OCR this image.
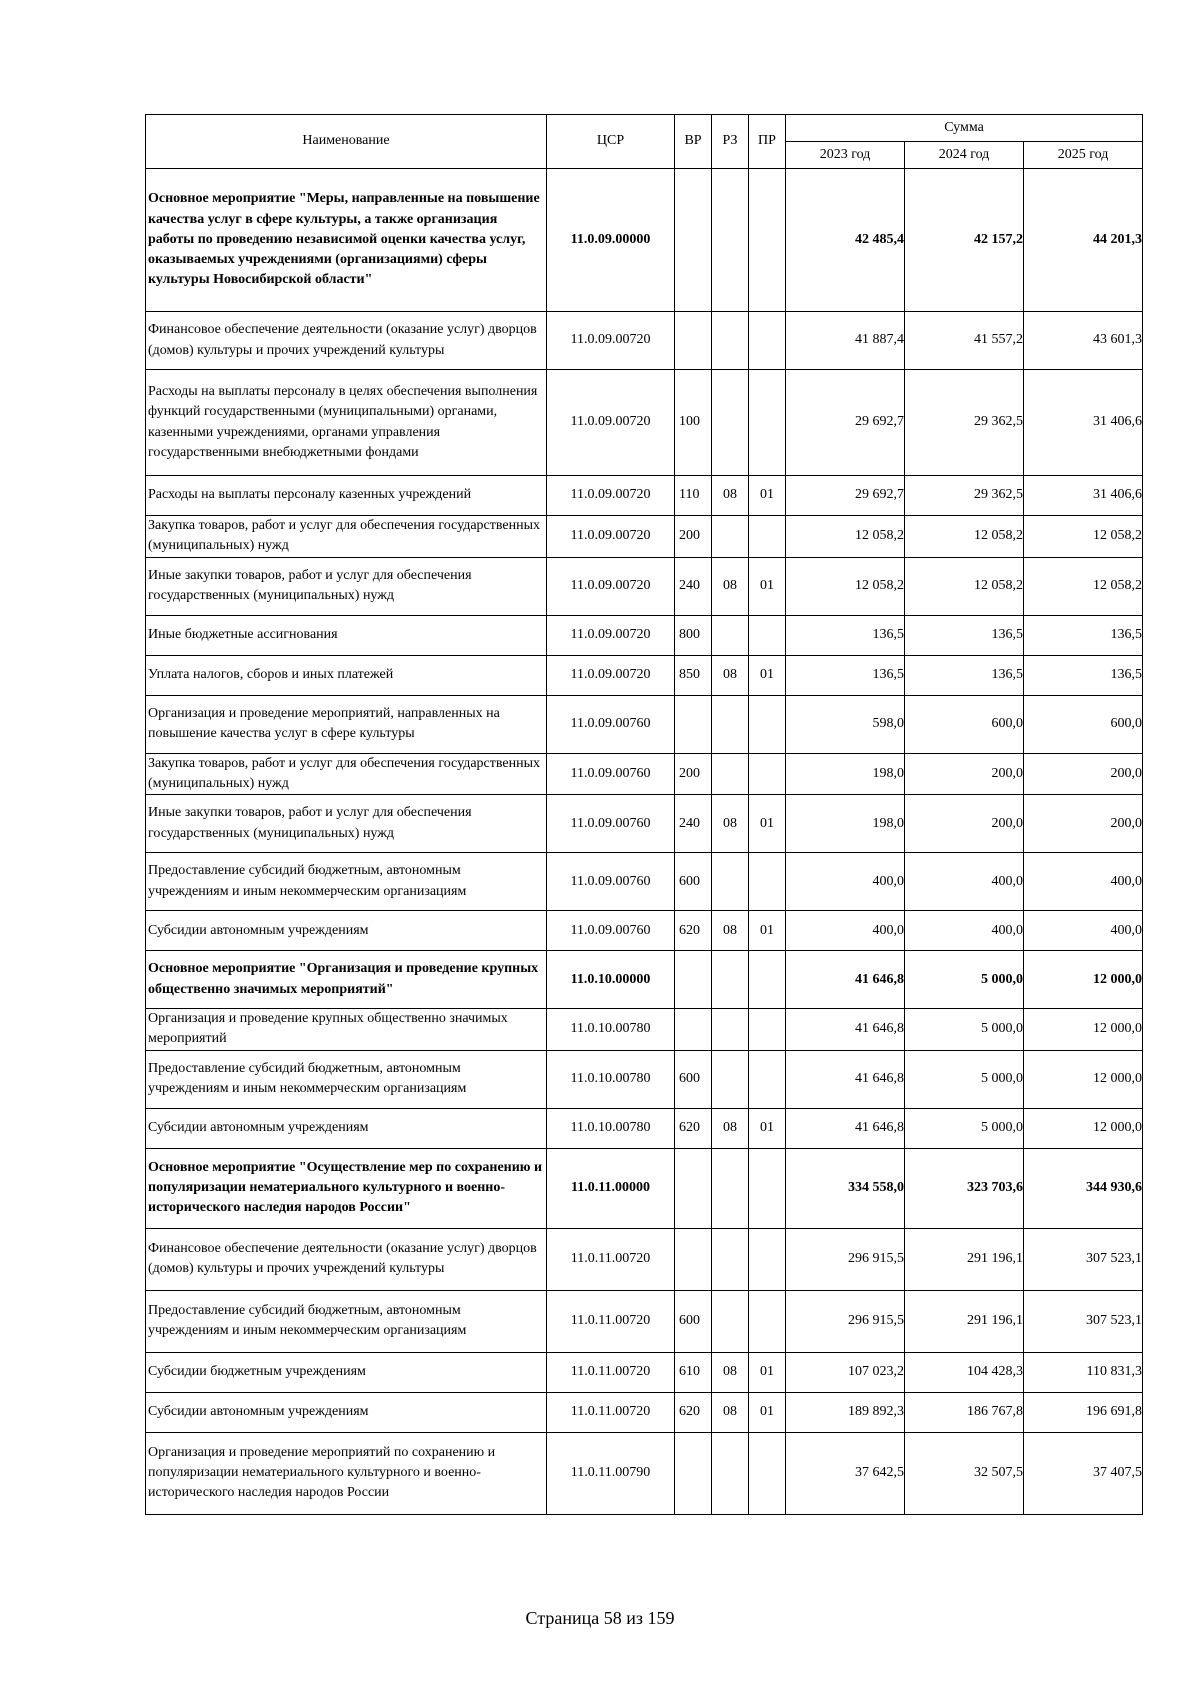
Наименование	ЦСР	ВР	РЗ	ПР	Сумма		
					2023 год	2024 год	2025 год
Основное мероприятие "Меры, направленные на повышение качества услуг в сфере культуры, а также организация работы по проведению независимой оценки качества услуг, оказываемых учреждениями (организациями) сферы культуры Новосибирской области"	11.0.09.00000				42 485,4	42 157,2	44 201,3
Финансовое обеспечение деятельности (оказание услуг) дворцов (домов) культуры и прочих учреждений культуры	11.0.09.00720				41 887,4	41 557,2	43 601,3
Расходы на выплаты персоналу в целях обеспечения выполнения функций государственными (муниципальными) органами, казенными учреждениями, органами управления государственными внебюджетными фондами	11.0.09.00720	100			29 692,7	29 362,5	31 406,6
Расходы на выплаты персоналу казенных учреждений	11.0.09.00720	110	08	01	29 692,7	29 362,5	31 406,6
Закупка товаров, работ и услуг для обеспечения государственных (муниципальных) нужд	11.0.09.00720	200			12 058,2	12 058,2	12 058,2
Иные закупки товаров, работ и услуг для обеспечения государственных (муниципальных) нужд	11.0.09.00720	240	08	01	12 058,2	12 058,2	12 058,2
Иные бюджетные ассигнования	11.0.09.00720	800			136,5	136,5	136,5
Уплата налогов, сборов и иных платежей	11.0.09.00720	850	08	01	136,5	136,5	136,5
Организация и проведение мероприятий, направленных на повышение качества услуг в сфере культуры	11.0.09.00760				598,0	600,0	600,0
Закупка товаров, работ и услуг для обеспечения государственных (муниципальных) нужд	11.0.09.00760	200			198,0	200,0	200,0
Иные закупки товаров, работ и услуг для обеспечения государственных (муниципальных) нужд	11.0.09.00760	240	08	01	198,0	200,0	200,0
Предоставление субсидий бюджетным, автономным учреждениям и иным некоммерческим организациям	11.0.09.00760	600			400,0	400,0	400,0
Субсидии автономным учреждениям	11.0.09.00760	620	08	01	400,0	400,0	400,0
Основное мероприятие "Организация и проведение крупных общественно значимых мероприятий"	11.0.10.00000				41 646,8	5 000,0	12 000,0
Организация и проведение крупных общественно значимых мероприятий	11.0.10.00780				41 646,8	5 000,0	12 000,0
Предоставление субсидий бюджетным, автономным учреждениям и иным некоммерческим организациям	11.0.10.00780	600			41 646,8	5 000,0	12 000,0
Субсидии автономным учреждениям	11.0.10.00780	620	08	01	41 646,8	5 000,0	12 000,0
Основное мероприятие "Осуществление мер по сохранению и популяризации нематериального культурного и военно-исторического наследия народов России"	11.0.11.00000				334 558,0	323 703,6	344 930,6
Финансовое обеспечение деятельности (оказание услуг) дворцов (домов) культуры и прочих учреждений культуры	11.0.11.00720				296 915,5	291 196,1	307 523,1
Предоставление субсидий бюджетным, автономным учреждениям и иным некоммерческим организациям	11.0.11.00720	600			296 915,5	291 196,1	307 523,1
Субсидии бюджетным учреждениям	11.0.11.00720	610	08	01	107 023,2	104 428,3	110 831,3
Субсидии автономным учреждениям	11.0.11.00720	620	08	01	189 892,3	186 767,8	196 691,8
Организация и проведение мероприятий по сохранению и популяризации нематериального культурного и военно-исторического наследия народов России	11.0.11.00790				37 642,5	32 507,5	37 407,5
Страница 58 из 159
